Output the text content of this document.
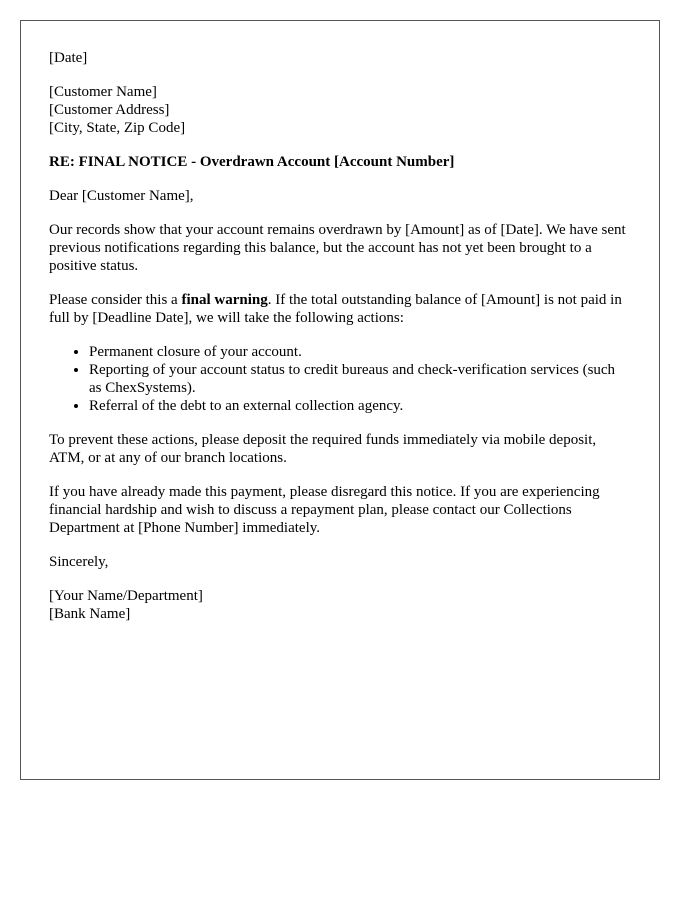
[Date]
[Customer Name]
[Customer Address]
[City, State, Zip Code]
RE: FINAL NOTICE - Overdrawn Account [Account Number]

Dear [Customer Name],

Our records show that your account remains overdrawn by [Amount] as of [Date]. We have sent previous notifications regarding this balance, but the account has not yet been brought to a positive status.

Please consider this a final warning. If the total outstanding balance of [Amount] is not paid in full by [Deadline Date], we will take the following actions:

• Permanent closure of your account.
• Reporting of your account status to credit bureaus and check-verification services (such as ChexSystems).
• Referral of the debt to an external collection agency.

To prevent these actions, please deposit the required funds immediately via mobile deposit, ATM, or at any of our branch locations.

If you have already made this payment, please disregard this notice. If you are experiencing financial hardship and wish to discuss a repayment plan, please contact our Collections Department at [Phone Number] immediately.

Sincerely,

[Your Name/Department]
[Bank Name]
